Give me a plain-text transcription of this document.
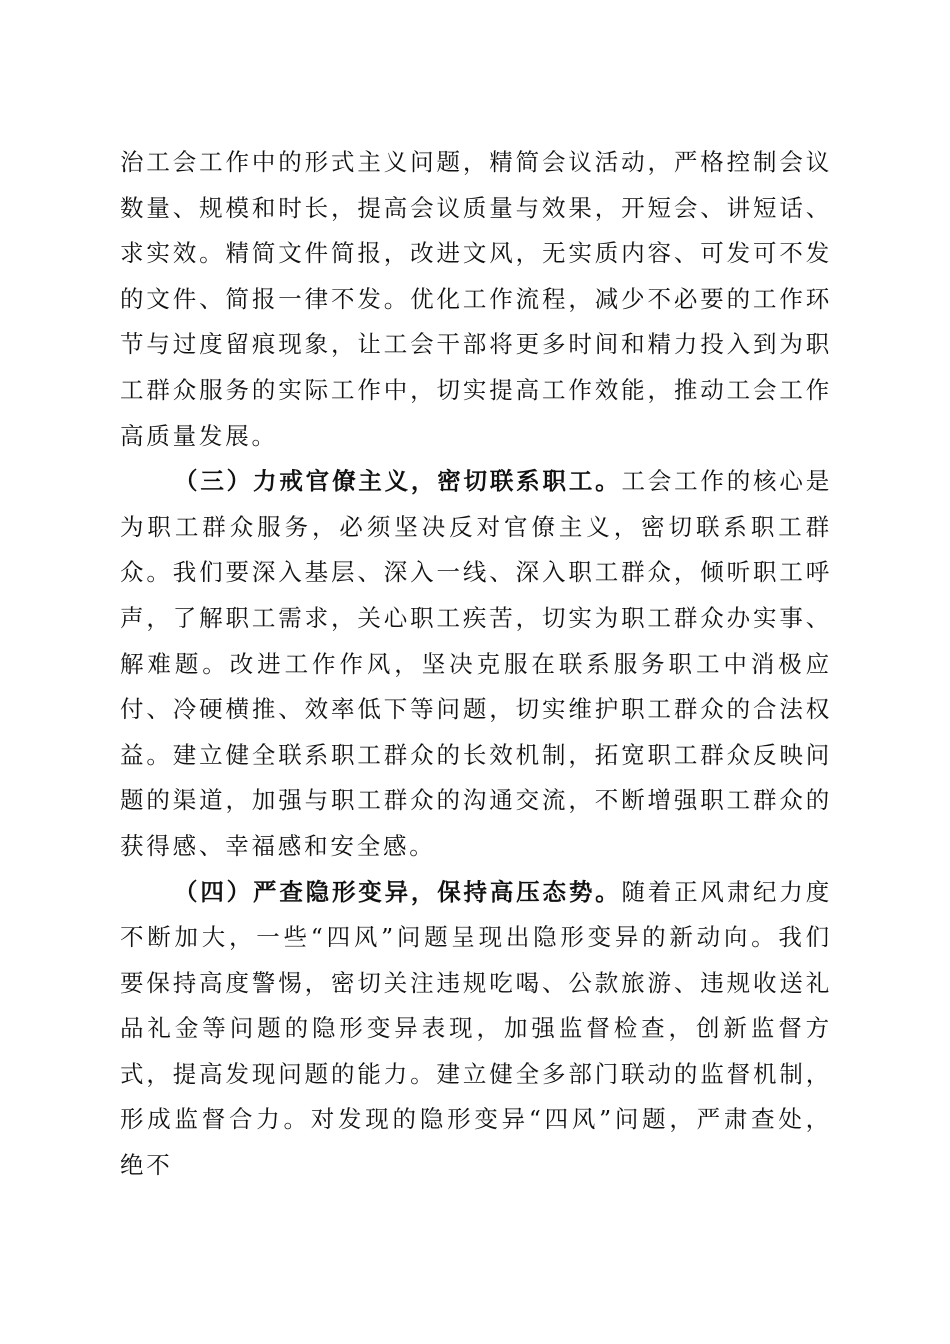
治工会工作中的形式主义问题，精简会议活动，严格控制会议数量、规模和时长，提高会议质量与效果，开短会、讲短话、求实效。精简文件简报，改进文风，无实质内容、可发可不发的文件、简报一律不发。优化工作流程，减少不必要的工作环节与过度留痕现象，让工会干部将更多时间和精力投入到为职工群众服务的实际工作中，切实提高工作效能，推动工会工作高质量发展。

（三）力戒官僚主义，密切联系职工。工会工作的核心是为职工群众服务，必须坚决反对官僚主义，密切联系职工群众。我们要深入基层、深入一线、深入职工群众，倾听职工呼声，了解职工需求，关心职工疾苦，切实为职工群众办实事、解难题。改进工作作风，坚决克服在联系服务职工中消极应付、冷硬横推、效率低下等问题，切实维护职工群众的合法权益。建立健全联系职工群众的长效机制，拓宽职工群众反映问题的渠道，加强与职工群众的沟通交流，不断增强职工群众的获得感、幸福感和安全感。

（四）严查隐形变异，保持高压态势。随着正风肃纪力度不断加大，一些“四风”问题呈现出隐形变异的新动向。我们要保持高度警惕，密切关注违规吃喝、公款旅游、违规收送礼品礼金等问题的隐形变异表现，加强监督检查，创新监督方式，提高发现问题的能力。建立健全多部门联动的监督机制，形成监督合力。对发现的隐形变异“四风”问题，严肃查处，绝不
